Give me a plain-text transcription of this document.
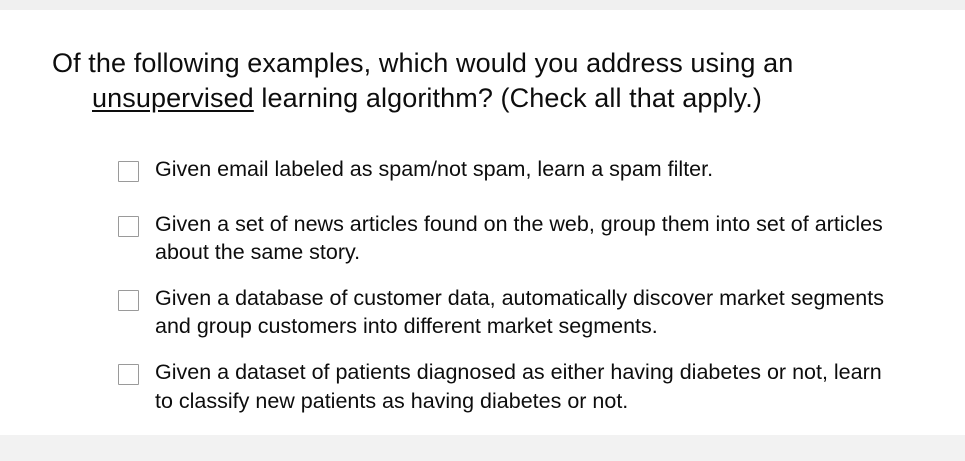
Of the following examples, which would you address using an
unsupervised learning algorithm? (Check all that apply.)
Given email labeled as spam/not spam, learn a spam filter.
Given a set of news articles found on the web, group them into set of articles about the same story.
Given a database of customer data, automatically discover market segments and group customers into different market segments.
Given a dataset of patients diagnosed as either having diabetes or not, learn to classify new patients as having diabetes or not.
